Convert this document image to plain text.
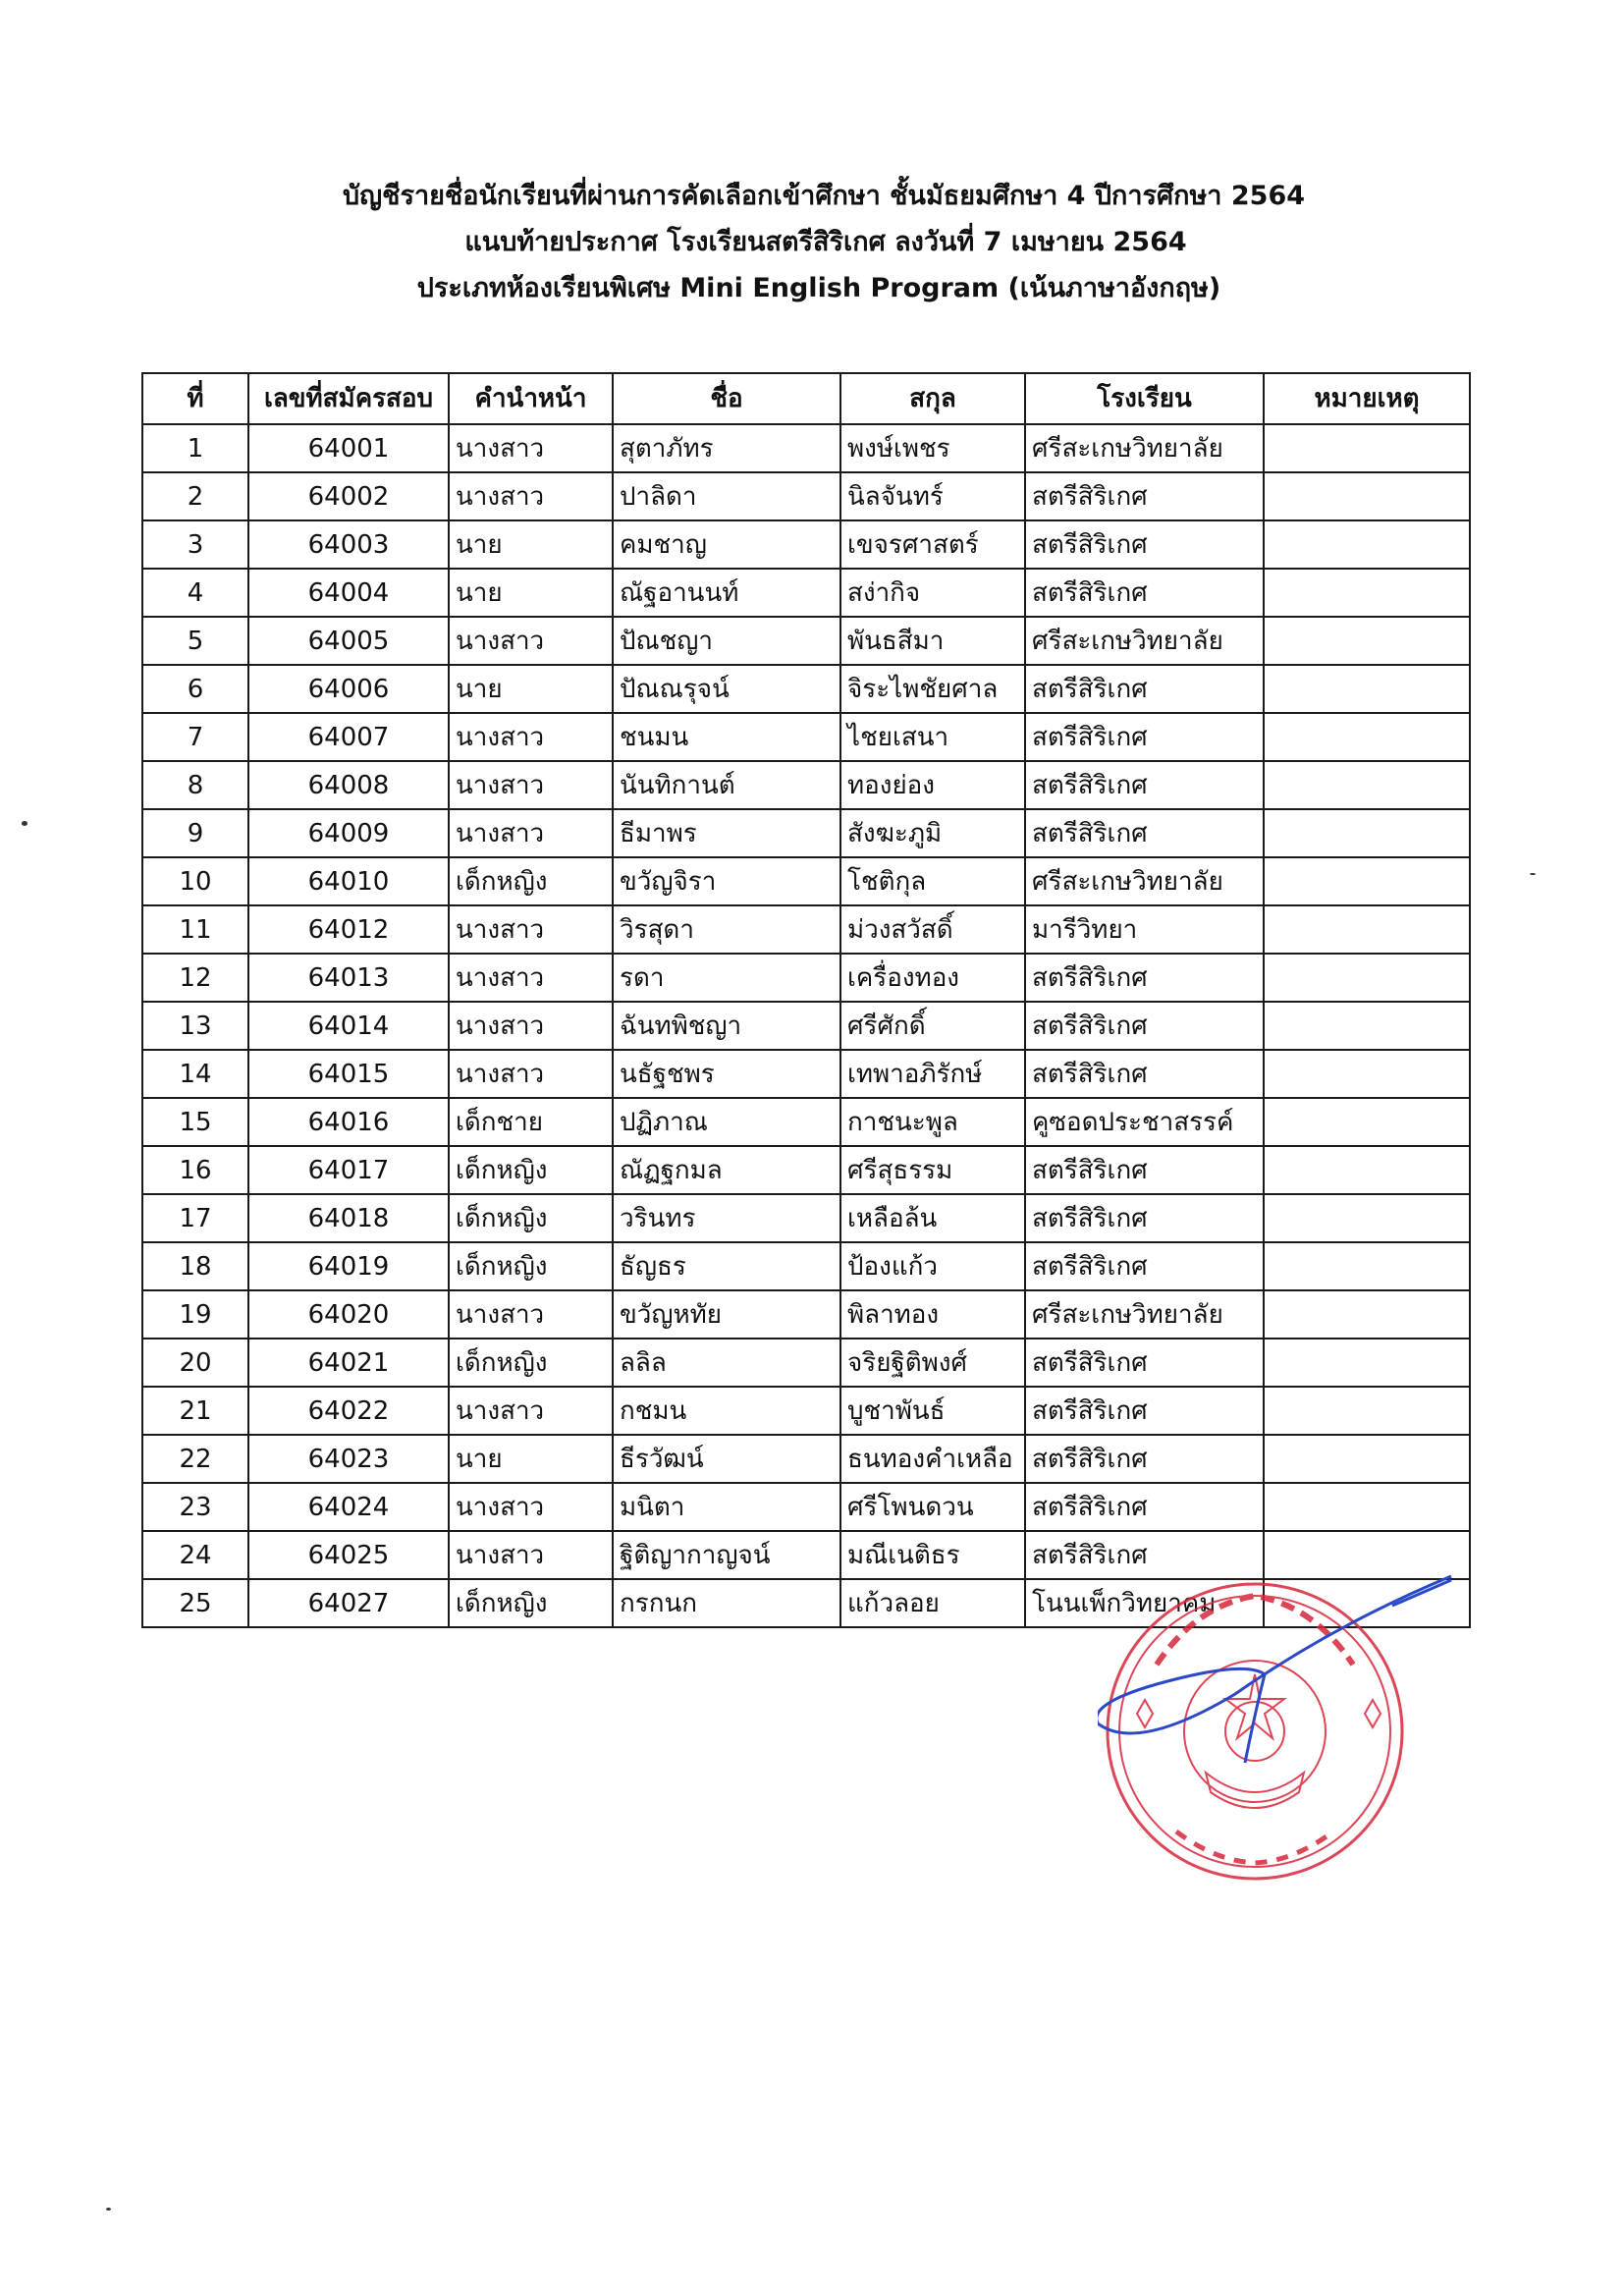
บัญชีรายชื่อนักเรียนที่ผ่านการคัดเลือกเข้าศึกษา ชั้นมัธยมศึกษา 4 ปีการศึกษา 2564
แนบท้ายประกาศ โรงเรียนสตรีสิริเกศ ลงวันที่ 7 เมษายน 2564
ประเภทห้องเรียนพิเศษ Mini English Program (เน้นภาษาอังกฤษ)
ที่	เลขที่สมัครสอบ	คำนำหน้า	ชื่อ	สกุล	โรงเรียน	หมายเหตุ
1	64001	นางสาว	สุตาภัทร	พงษ์เพชร	ศรีสะเกษวิทยาลัย	
2	64002	นางสาว	ปาลิดา	นิลจันทร์	สตรีสิริเกศ	
3	64003	นาย	คมชาญ	เขจรศาสตร์	สตรีสิริเกศ	
4	64004	นาย	ณัฐอานนท์	สง่ากิจ	สตรีสิริเกศ	
5	64005	นางสาว	ปัณชญา	พันธสีมา	ศรีสะเกษวิทยาลัย	
6	64006	นาย	ปัณณรุจน์	จิระไพชัยศาล	สตรีสิริเกศ	
7	64007	นางสาว	ชนมน	ไชยเสนา	สตรีสิริเกศ	
8	64008	นางสาว	นันทิกานต์	ทองย่อง	สตรีสิริเกศ	
9	64009	นางสาว	ธีมาพร	สังฆะภูมิ	สตรีสิริเกศ	
10	64010	เด็กหญิง	ขวัญจิรา	โชติกุล	ศรีสะเกษวิทยาลัย	
11	64012	นางสาว	วิรสุดา	ม่วงสวัสดิ์	มารีวิทยา	
12	64013	นางสาว	รดา	เครื่องทอง	สตรีสิริเกศ	
13	64014	นางสาว	ฉันทพิชญา	ศรีศักดิ์	สตรีสิริเกศ	
14	64015	นางสาว	นธัฐชพร	เทพาอภิรักษ์	สตรีสิริเกศ	
15	64016	เด็กชาย	ปฏิภาณ	กาชนะพูล	คูซอดประชาสรรค์	
16	64017	เด็กหญิง	ณัฏฐกมล	ศรีสุธรรม	สตรีสิริเกศ	
17	64018	เด็กหญิง	วรินทร	เหลือล้น	สตรีสิริเกศ	
18	64019	เด็กหญิง	ธัญธร	ป้องแก้ว	สตรีสิริเกศ	
19	64020	นางสาว	ขวัญหทัย	พิลาทอง	ศรีสะเกษวิทยาลัย	
20	64021	เด็กหญิง	ลลิล	จริยฐิติพงศ์	สตรีสิริเกศ	
21	64022	นางสาว	กชมน	บูชาพันธ์	สตรีสิริเกศ	
22	64023	นาย	ธีรวัฒน์	ธนทองคำเหลือ	สตรีสิริเกศ	
23	64024	นางสาว	มนิตา	ศรีโพนดวน	สตรีสิริเกศ	
24	64025	นางสาว	ฐิติญากาญจน์	มณีเนติธร	สตรีสิริเกศ	
25	64027	เด็กหญิง	กรกนก	แก้วลอย	โนนเพ็กวิทยาคม	
